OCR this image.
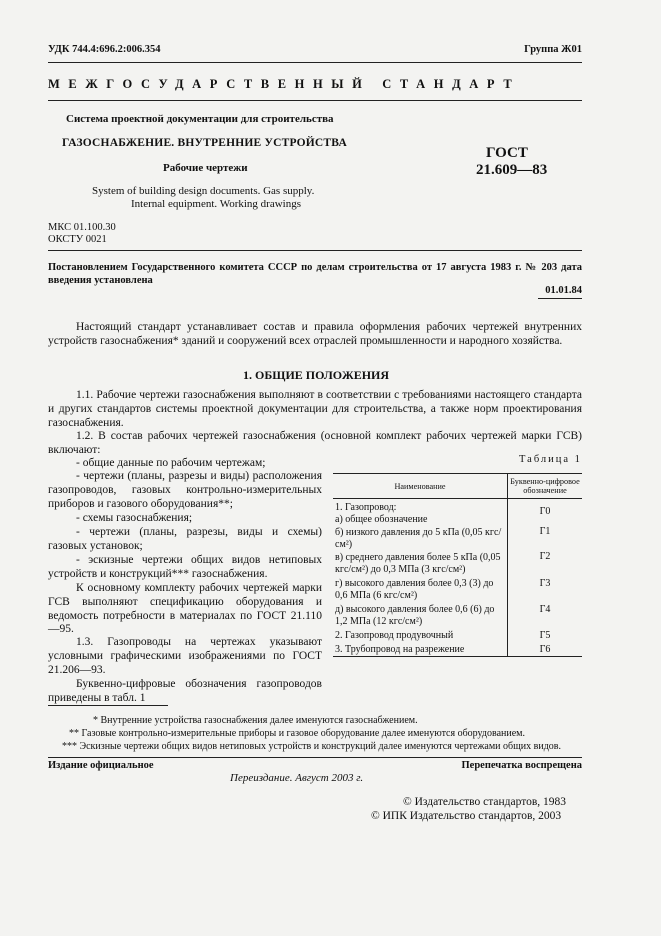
УДК 744.4:696.2:006.354	Группа Ж01
МЕЖГОСУДАРСТВЕННЫЙ СТАНДАРТ
Система проектной документации для строительства
ГАЗОСНАБЖЕНИЕ. ВНУТРЕННИЕ УСТРОЙСТВА
Рабочие чертежи
ГОСТ
21.609—83
System of building design documents. Gas supply.
Internal equipment. Working drawings
МКС 01.100.30
ОКСТУ 0021
Постановлением Государственного комитета СССР по делам строительства от 17 августа 1983 г. № 203 дата введения установлена
01.01.84
Настоящий стандарт устанавливает состав и правила оформления рабочих чертежей внутренних устройств газоснабжения* зданий и сооружений всех отраслей промышленности и народного хозяйства.
1. ОБЩИЕ ПОЛОЖЕНИЯ
1.1. Рабочие чертежи газоснабжения выполняют в соответствии с требованиями настоящего стандарта и других стандартов системы проектной документации для строительства, а также норм проектирования газоснабжения.
1.2. В состав рабочих чертежей газоснабжения (основной комплект рабочих чертежей марки ГСВ) включают:
- общие данные по рабочим чертежам;
- чертежи (планы, разрезы и виды) расположения газопроводов, газовых контрольно-измерительных приборов и газового оборудования**;
- схемы газоснабжения;
- чертежи (планы, разрезы, виды и схемы) газовых установок;
- эскизные чертежи общих видов нетиповых устройств и конструкций*** газоснабжения.
К основному комплекту рабочих чертежей марки ГСВ выполняют спецификацию оборудования и ведомость потребности в материалах по ГОСТ 21.110—95.
1.3. Газопроводы на чертежах указывают условными графическими изображениями по ГОСТ 21.206—93.
Буквенно-цифровые обозначения газопроводов приведены в табл. 1
Таблица 1
Наименование	Буквенно-цифровое обозначение
1. Газопровод:	
а) общее обозначение	Г0
б) низкого давления до 5 кПа (0,05 кгс/см²)	Г1
в) среднего давления более 5 кПа (0,05 кгс/см²) до 0,3 МПа (3 кгс/см²)	Г2
г) высокого давления более 0,3 (3) до 0,6 МПа (6 кгс/см²)	Г3
д) высокого давления более 0,6 (6) до 1,2 МПа (12 кгс/см²)	Г4
2. Газопровод продувочный	Г5
3. Трубопровод на разрежение	Г6
* Внутренние устройства газоснабжения далее именуются газоснабжением.
** Газовые контрольно-измерительные приборы и газовое оборудование далее именуются оборудованием.
*** Эскизные чертежи общих видов нетиповых устройств и конструкций далее именуются чертежами общих видов.
Издание официальное	Перепечатка воспрещена
Переиздание. Август 2003 г.
© Издательство стандартов, 1983
© ИПК Издательство стандартов, 2003
